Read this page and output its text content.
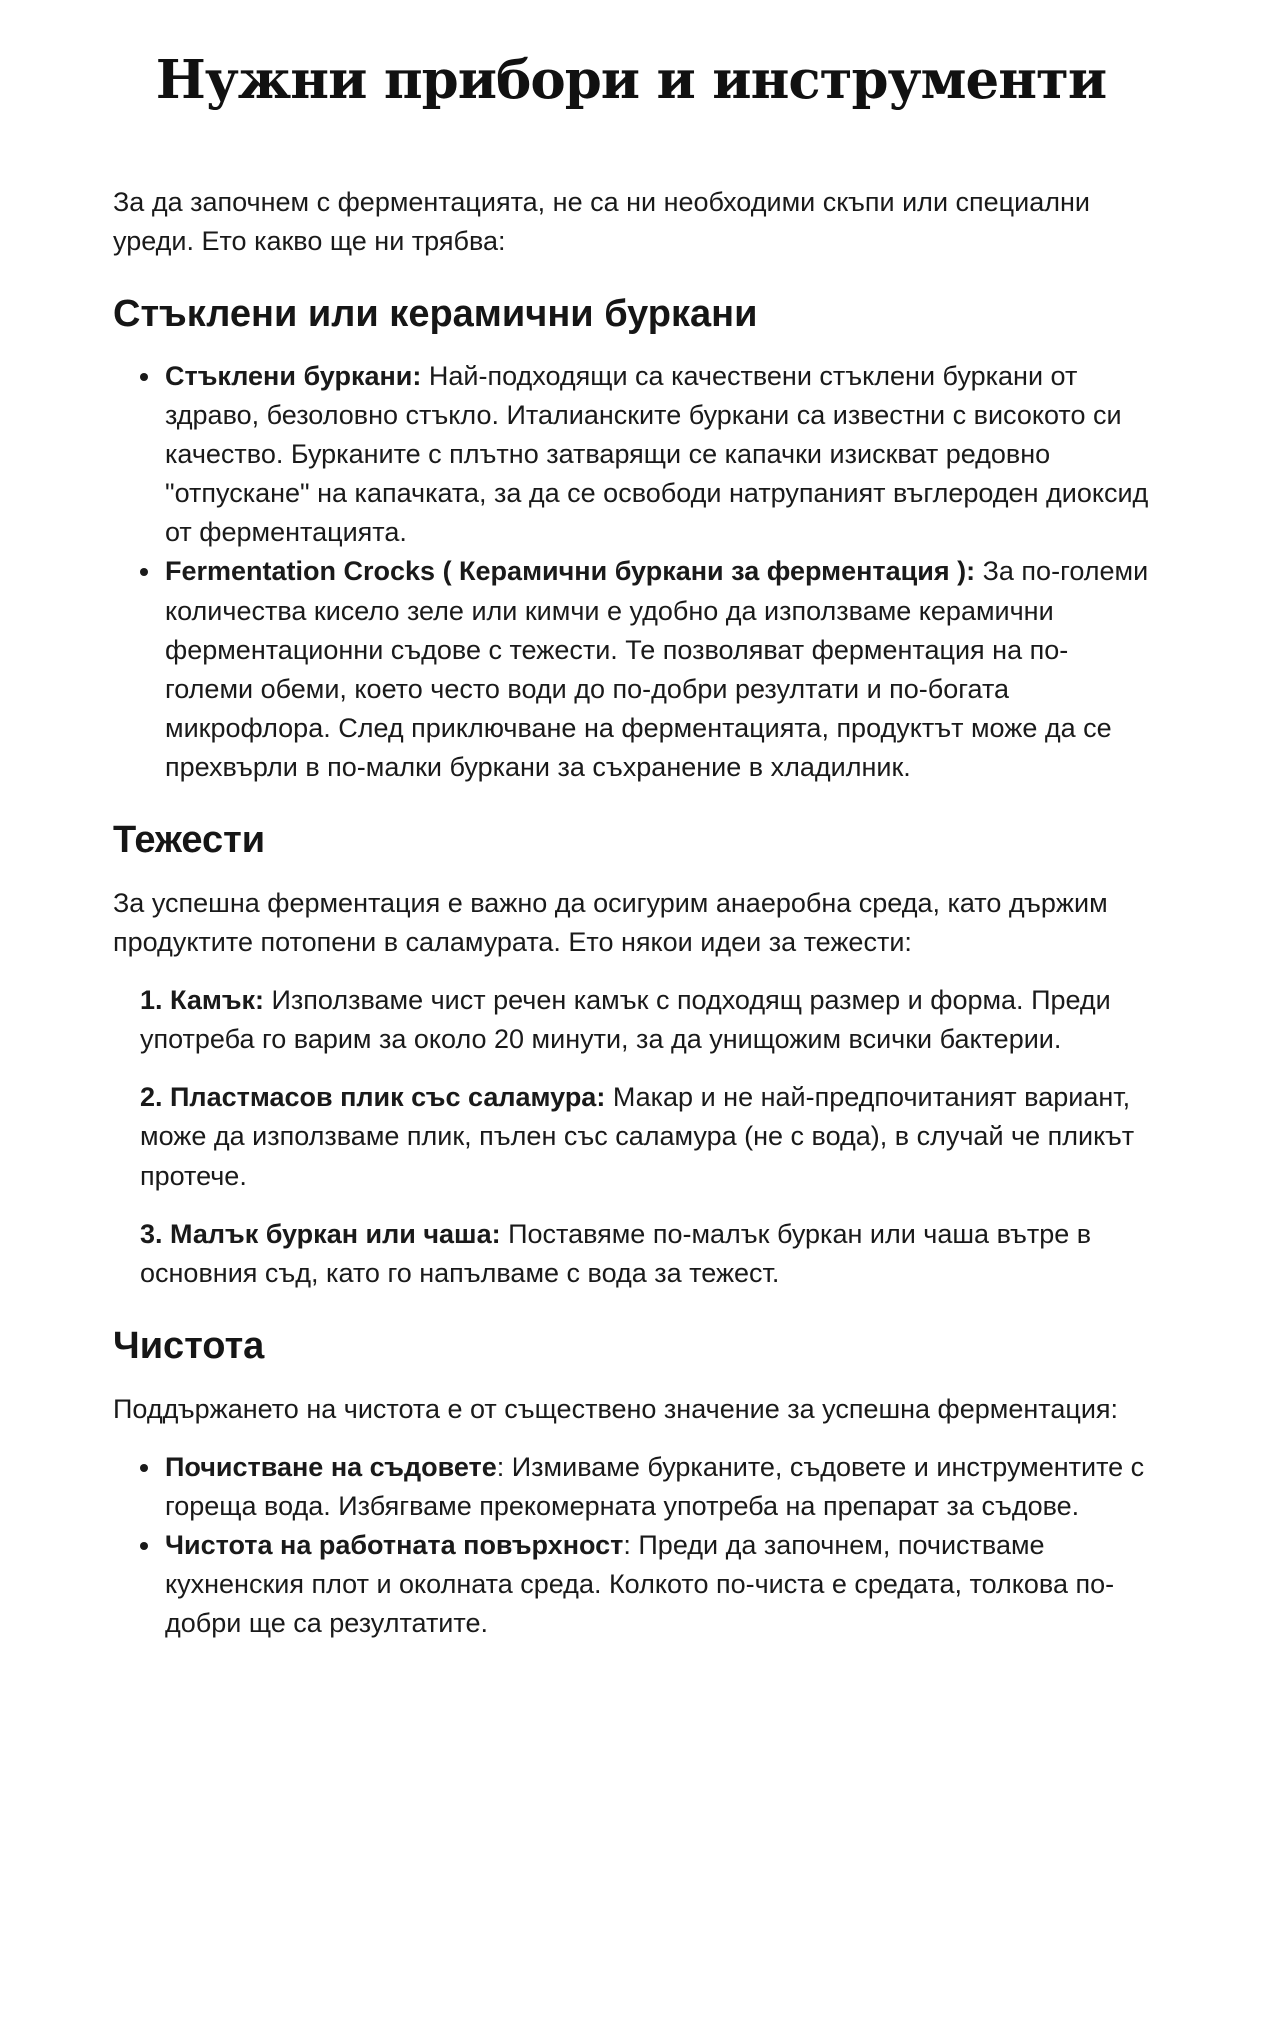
Нужни прибори и инструменти

За да започнем с ферментацията, не са ни необходими скъпи или специални уреди. Ето какво ще ни трябва:

Стъклени или керамични буркани
• Стъклени буркани: Най-подходящи са качествени стъклени буркани от здраво, безоловно стъкло. Италианските буркани са известни с високото си качество. Бурканите с плътно затварящи се капачки изискват редовно "отпускане" на капачката, за да се освободи натрупаният въглероден диоксид от ферментацията.
• Fermentation Crocks ( Керамични буркани за ферментация ): За по-големи количества кисело зеле или кимчи е удобно да използваме керамични ферментационни съдове с тежести. Те позволяват ферментация на по-големи обеми, което често води до по-добри резултати и по-богата микрофлора. След приключване на ферментацията, продуктът може да се прехвърли в по-малки буркани за съхранение в хладилник.
Тежести

За успешна ферментация е важно да осигурим анаеробна среда, като държим продуктите потопени в саламурата. Ето някои идеи за тежести:

1. Камък: Използваме чист речен камък с подходящ размер и форма. Преди употреба го варим за около 20 минути, за да унищожим всички бактерии.

2. Пластмасов плик със саламура: Макар и не най-предпочитаният вариант, може да използваме плик, пълен със саламура (не с вода), в случай че пликът протече.

3. Малък буркан или чаша: Поставяме по-малък буркан или чаша вътре в основния съд, като го напълваме с вода за тежест.

Чистота

Поддържането на чистота е от съществено значение за успешна ферментация:

• Почистване на съдовете: Измиваме бурканите, съдовете и инструментите с гореща вода. Избягваме прекомерната употреба на препарат за съдове.
• Чистота на работната повърхност: Преди да започнем, почистваме кухненския плот и околната среда. Колкото по-чиста е средата, толкова по-добри ще са резултатите.
